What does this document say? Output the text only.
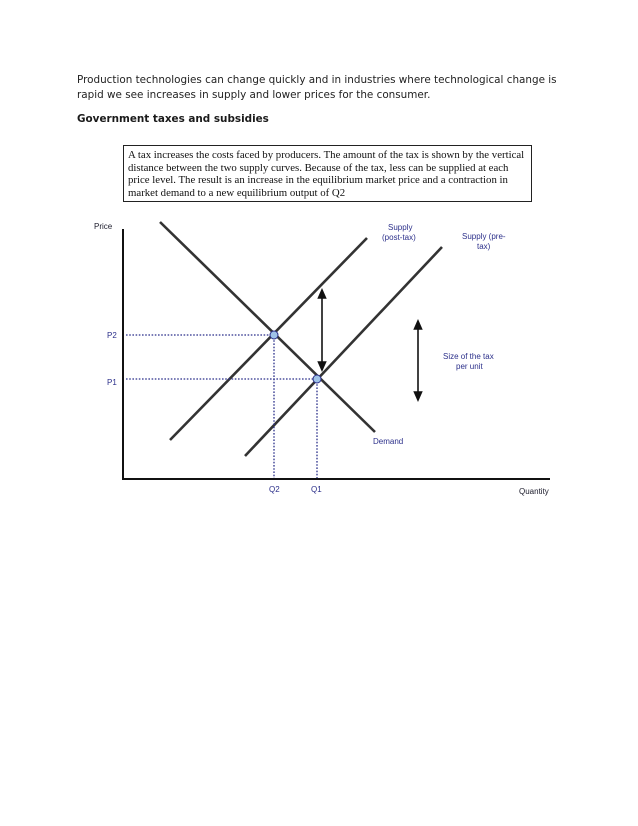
Production technologies can change quickly and in industries where technological change is rapid we see increases in supply and lower prices for the consumer.

Government taxes and subsidies

A tax increases the costs faced by producers. The amount of the tax is shown by the vertical distance between the two supply curves. Because of the tax, less can be supplied at each price level. The result is an increase in the equilibrium market price and a contraction in market demand to a new equilibrium output of Q2
Price
Quantity
P2
P1
Q2	Q1
Supply
(post-tax)	Supply (pre-
tax)
Size of the tax
per unit
Demand
